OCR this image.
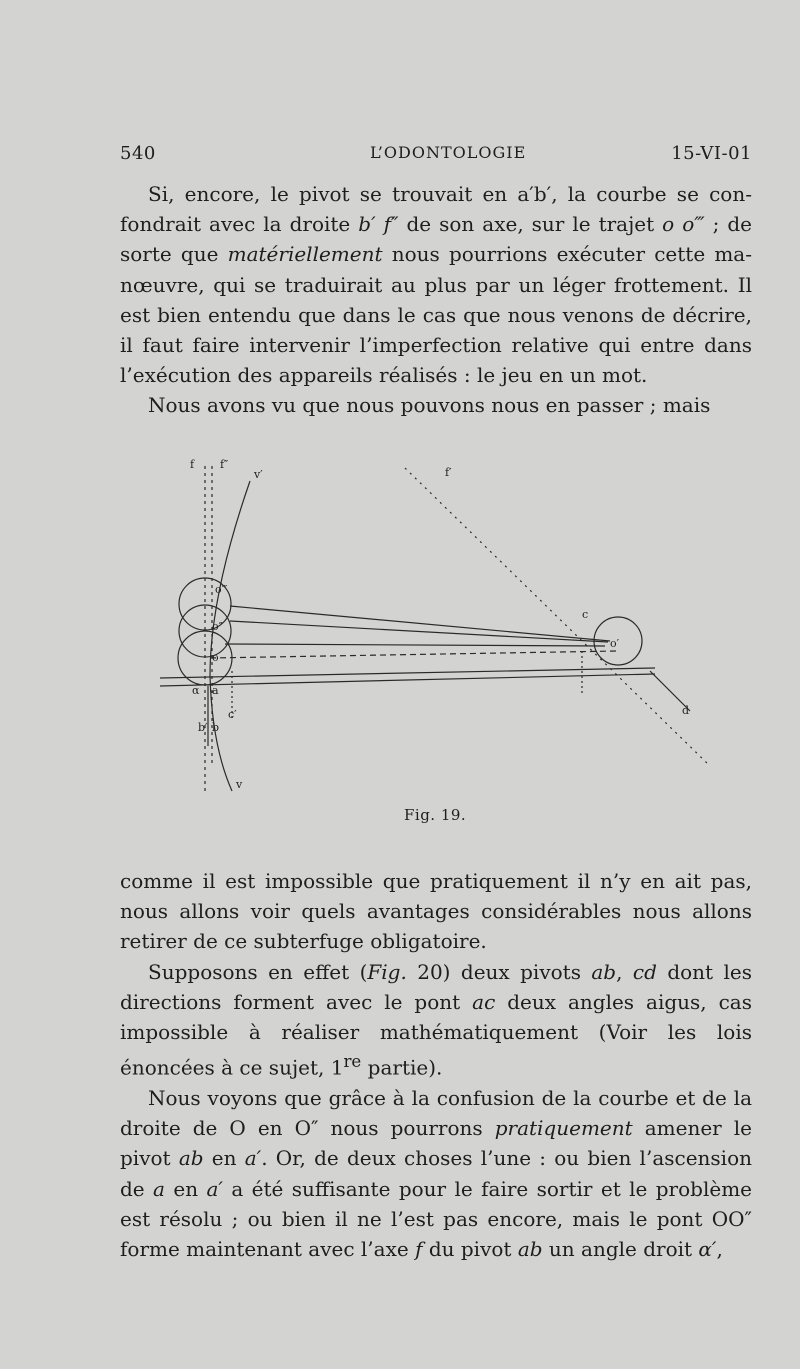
540	L’ODONTOLOGIE	15-VI-01

Si, encore, le pivot se trouvait en a′b′, la courbe se con-fondrait avec la droite b′ f″ de son axe, sur le trajet o o‴ ; de sorte que matériellement nous pourrions exécuter cette ma-nœuvre, qui se traduirait au plus par un léger frottement. Il est bien entendu que dans le cas que nous venons de décrire, il faut faire intervenir l’imperfection relative qui entre dans l’exécution des appareils réalisés : le jeu en un mot.

Nous avons vu que nous pouvons nous en passer ; mais

f f″
v′	f′
c
o‴
o″
o
o′
α a
b′ b
c′
v
d
Fig. 19.

comme il est impossible que pratiquement il n’y en ait pas, nous allons voir quels avantages considérables nous allons retirer de ce subterfuge obligatoire.

Supposons en effet (Fig. 20) deux pivots ab, cd dont les directions forment avec le pont ac deux angles aigus, cas impossible à réaliser mathématiquement (Voir les lois énoncées à ce sujet, 1re partie).

Nous voyons que grâce à la confusion de la courbe et de la droite de O en O″ nous pourrons pratiquement amener le pivot ab en a′. Or, de deux choses l’une : ou bien l’ascension de a en a′ a été suffisante pour le faire sortir et le problème est résolu ; ou bien il ne l’est pas encore, mais le pont OO″ forme maintenant avec l’axe f du pivot ab un angle droit α′,
